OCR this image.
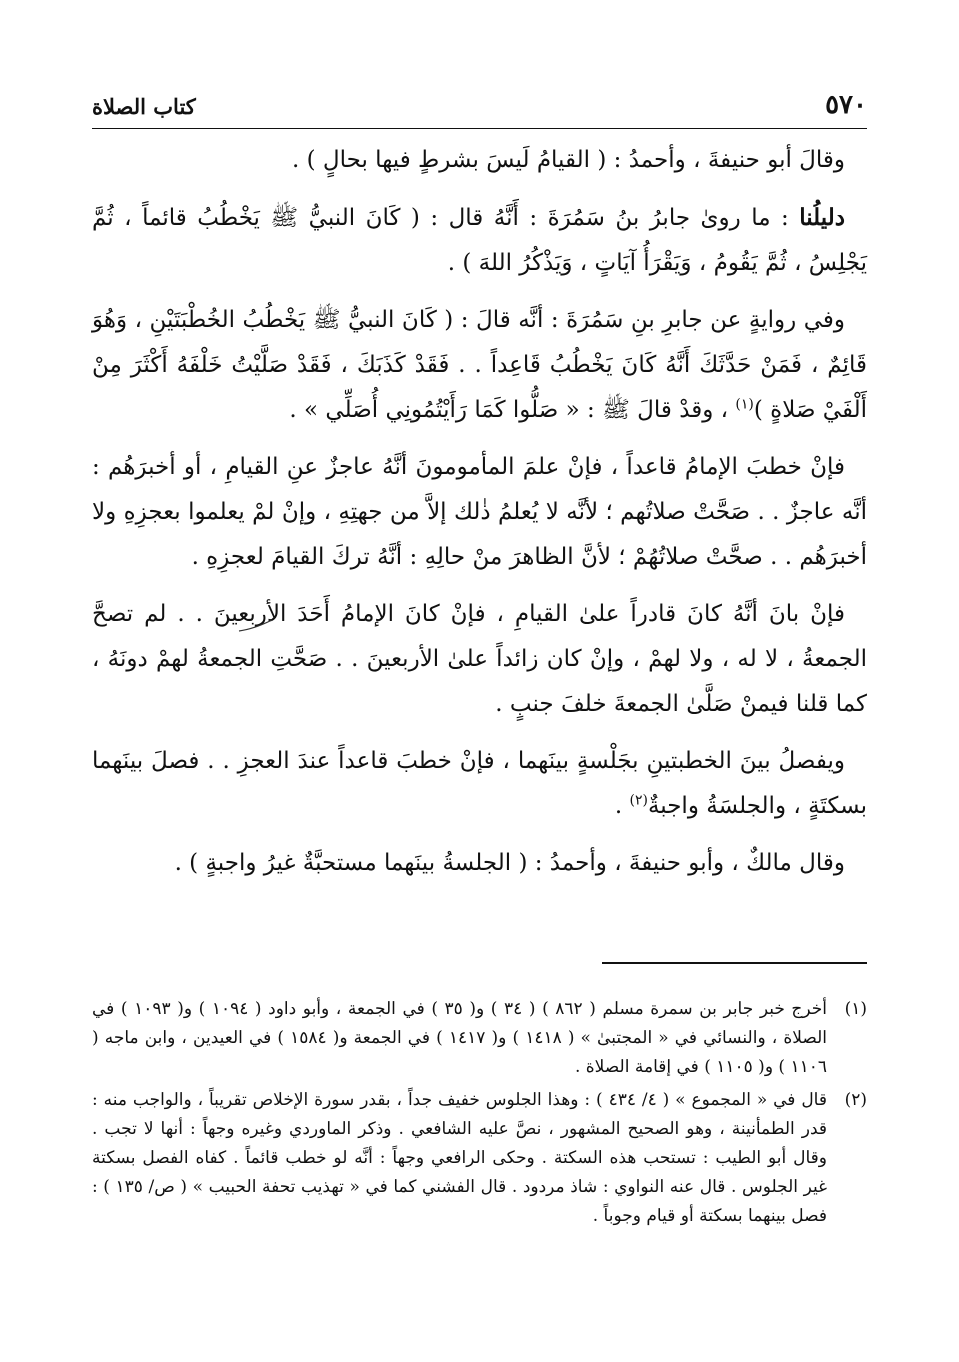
٥٧٠
كتاب الصلاة

وقالَ أبو حنيفةَ ، وأحمدُ : ( القيامُ لَيسَ بشرطٍ فيها بحالٍ ) .

دليلُنا : ما روىٰ جابرُ بنُ سَمُرَةَ : أَنَّهُ قال : ( كَانَ النبيُّ ﷺ يَخْطُبُ قائماً ، ثُمَّ يَجْلِسُ ، ثُمَّ يَقُومُ ، وَيَقْرَأُ آيَاتٍ ، وَيَذْكُرُ اللهَ ) .

وفي روايةٍ عن جابرِ بنِ سَمُرَةَ : أنَّه قالَ : ( كَانَ النبيُّ ﷺ يَخْطُبُ الخُطْبَتَيْنِ ، وَهُوَ قَائِمٌ ، فَمَنْ حَدَّثَكَ أَنَّهُ كَانَ يَخْطُبُ قَاعِداً . . فَقَدْ كَذَبَكَ ، فَقَدْ صَلَّيْتُ خَلْفَهُ أَكْثَرَ مِنْ أَلْفَيْ صَلاةٍ )$^{(١)}$ ، وقدْ قالَ ﷺ : « صَلُّوا كَمَا رَأَيْتُمُونِي أُصَلِّي » .

فإنْ خطبَ الإمامُ قاعداً ، فإنْ علمَ المأمومونَ أنَّهُ عاجزٌ عنِ القيامِ ، أو أخبرَهُم : أنَّه عاجزٌ . . صَحَّتْ صلاتُهم ؛ لأنَّه لا يُعلمُ ذٰلك إلاَّ من جهتِهِ ، وإنْ لمْ يعلموا بعجزِهِ ولا أخبرَهُم . . صحَّتْ صلاتُهُمْ ؛ لأنَّ الظاهرَ منْ حالِهِ : أنَّهُ تركَ القيامَ لعجزِهِ .

فإنْ بانَ أنَّهُ كانَ قادراً علىٰ القيامِ ، فإنْ كانَ الإمامُ أَحَدَ الأربعينَ . . لم تصحَّ الجمعةُ ، لا له ، ولا لهمْ ، وإنْ كان زائداً علىٰ الأربعينَ . . صَحَّتِ الجمعةُ لهمْ دونَهُ ، كما قلنا فيمنْ صَلَّىٰ الجمعةَ خلفَ جنبٍ .

ويفصلُ بينَ الخطبتينِ بجَلْسةٍ بينَهما ، فإنْ خطبَ قاعداً عندَ العجزِ . . فصلَ بينَهما بسكتَةٍ ، والجلسَةُ واجبةٌ$^{(٢)}$ .

وقال مالكٌ ، وأبو حنيفةَ ، وأحمدُ : ( الجلسةُ بينَهما مستحبَّةٌ غيرُ واجبةٍ ) .

(١)
أخرج خبر جابر بن سمرة مسلم ( ٨٦٢ ) ( ٣٤ ) و( ٣٥ ) في الجمعة ، وأبو داود ( ١٠٩٤ ) و( ١٠٩٣ ) في الصلاة ، والنسائي في « المجتبىٰ » ( ١٤١٨ ) و( ١٤١٧ ) في الجمعة و( ١٥٨٤ ) في العيدين ، وابن ماجه ( ١١٠٦ ) و( ١١٠٥ ) في إقامة الصلاة .
(٢)
قال في « المجموع » ( ٤/ ٤٣٤ ) : وهذا الجلوس خفيف جداً ، بقدر سورة الإخلاص تقريباً ، والواجب منه : قدر الطمأنينة ، وهو الصحيح المشهور ، نصَّ عليه الشافعي . وذكر الماوردي وغيره وجهاً : أنها لا تجب . وقال أبو الطيب : تستحب هذه السكتة . وحكى الرافعي وجهاً : أنَّه لو خطب قائماً . كفاه الفصل بسكتة غير الجلوس . قال عنه النواوي : شاذ مردود . قال الفشني كما في « تهذيب تحفة الحبيب » ( ص/ ١٣٥ ) : فصل بينهما بسكتة أو قيام وجوباً .
